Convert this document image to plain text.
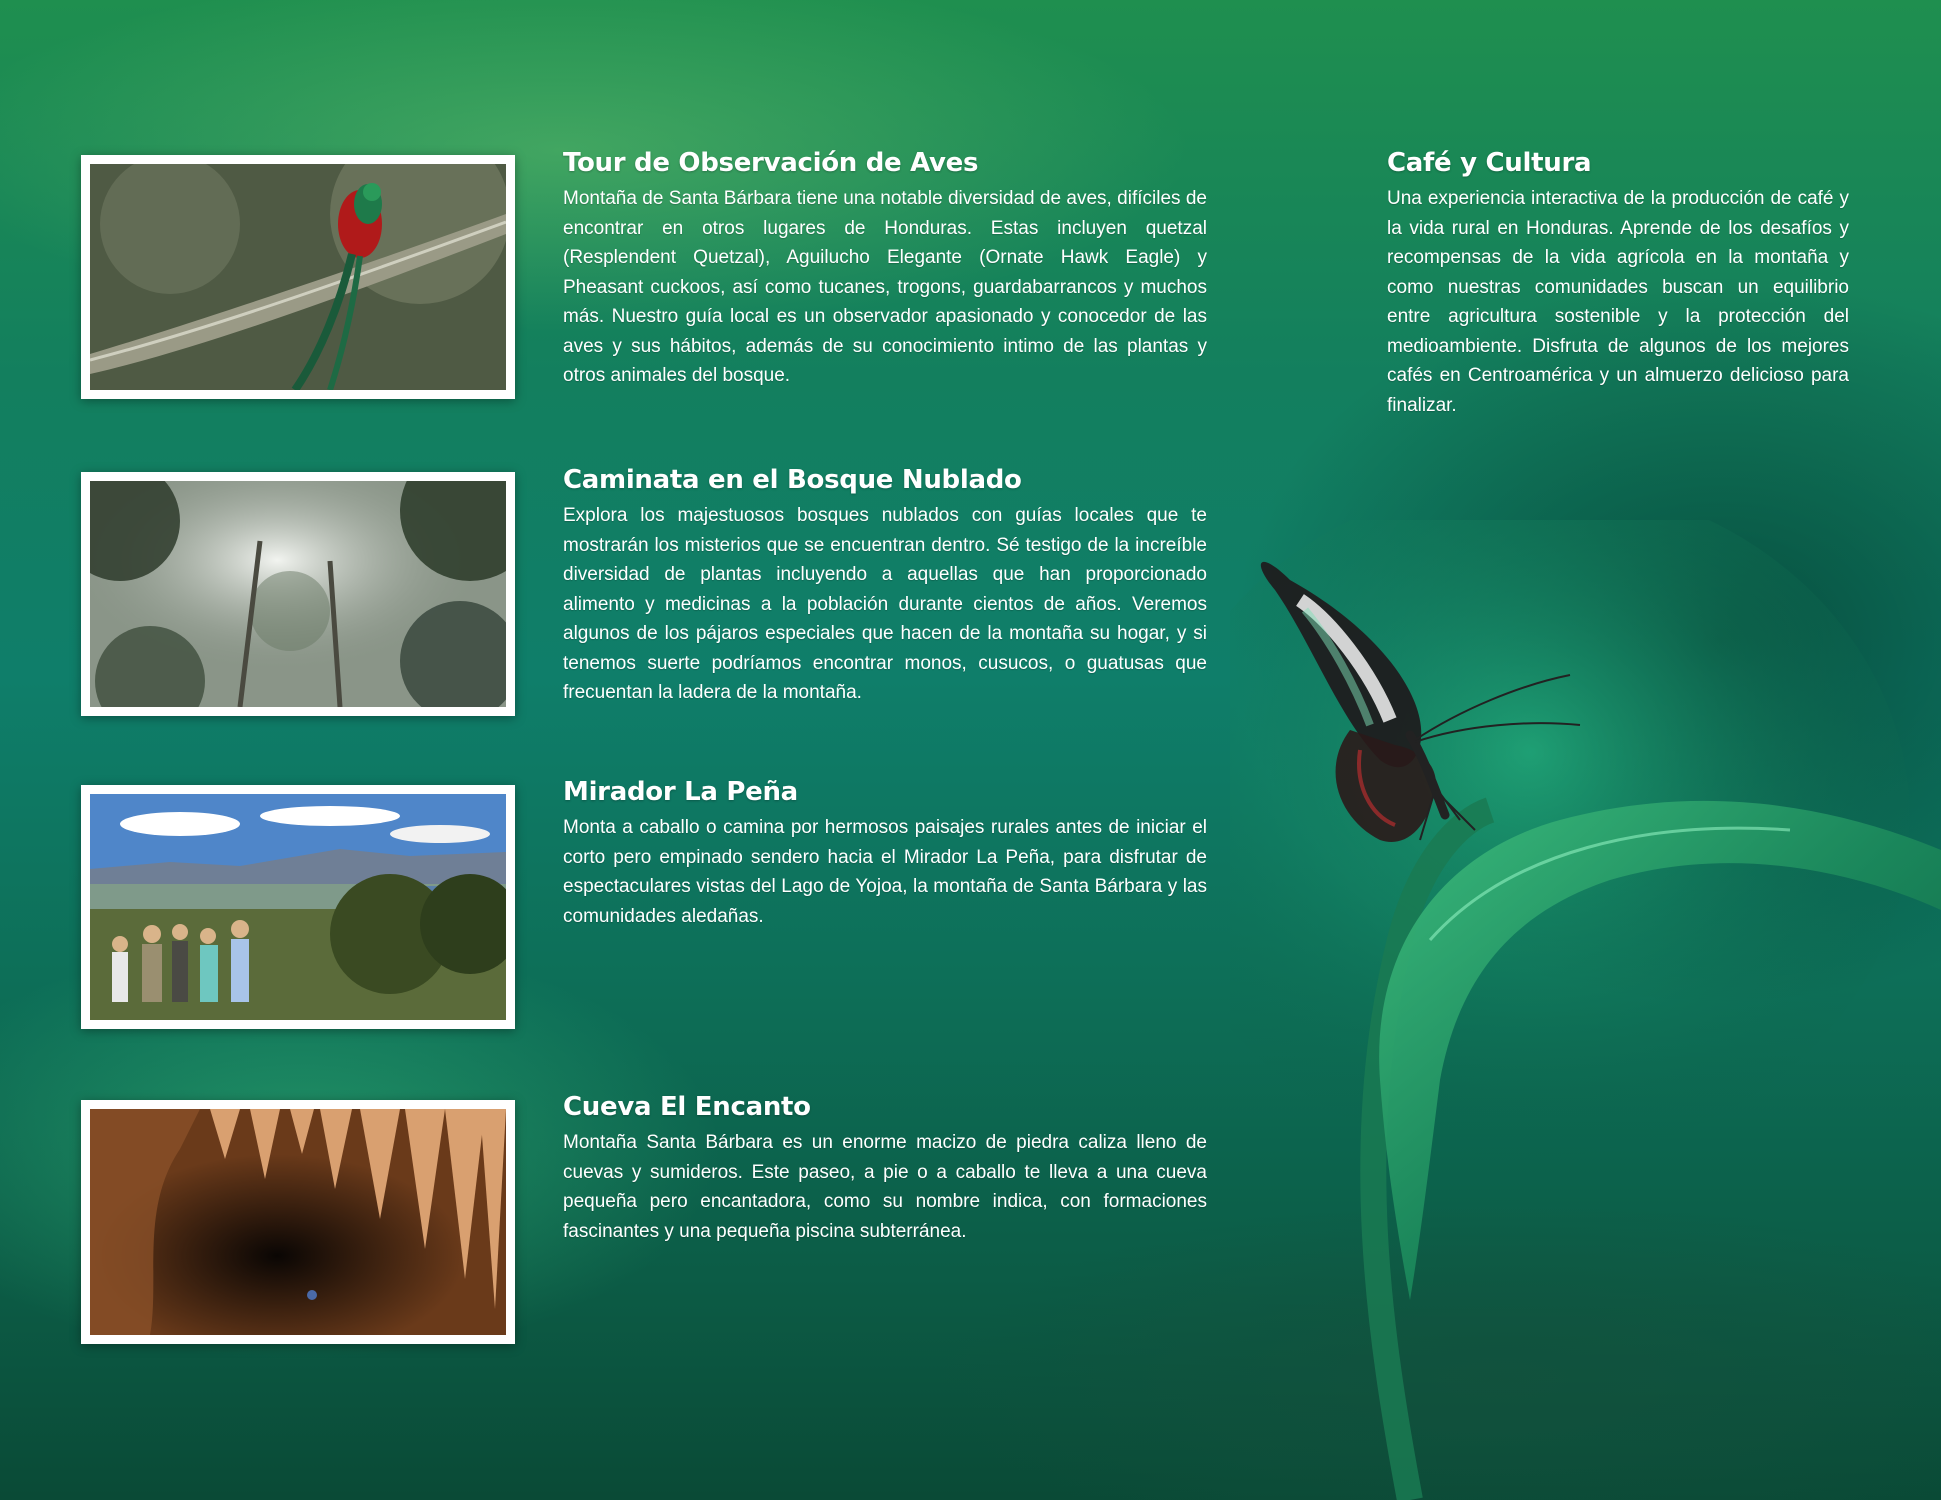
Tour de Observación de Aves

Montaña de Santa Bárbara tiene una notable diversidad de aves, difíciles de encontrar en otros lugares de Honduras. Estas incluyen quetzal (Resplendent Quetzal), Aguilucho Elegante (Ornate Hawk Eagle) y Pheasant cuckoos, así como tucanes, trogons, guardabarrancos y muchos más. Nuestro guía local es un observador apasionado y conocedor de las aves y sus hábitos, además de su conocimiento intimo de las plantas y otros animales del bosque.

Caminata en el Bosque Nublado

Explora los majestuosos bosques nublados con guías locales que te mostrarán los misterios que se encuentran dentro. Sé testigo de la increíble diversidad de plantas incluyendo a aquellas que han proporcionado alimento y medicinas a la población durante cientos de años. Veremos algunos de los pájaros especiales que hacen de la montaña su hogar, y si tenemos suerte podríamos encontrar monos, cusucos, o guatusas que frecuentan la ladera de la montaña.

Mirador La Peña

Monta a caballo o camina por hermosos paisajes rurales antes de iniciar el corto pero empinado sendero hacia el Mirador La Peña, para disfrutar de espectaculares vistas del Lago de Yojoa, la montaña de Santa Bárbara y las comunidades aledañas.

Cueva El Encanto

Montaña Santa Bárbara es un enorme macizo de piedra caliza lleno de cuevas y sumideros. Este paseo, a pie o a caballo te lleva a una cueva pequeña pero encantadora, como su nombre indica, con formaciones fascinantes y una pequeña piscina subterránea.

Café y Cultura

Una experiencia interactiva de la producción de café y la vida rural en Honduras. Aprende de los desafíos y recompensas de la vida agrícola en la montaña y como nuestras comunidades buscan un equilibrio entre agricultura sostenible y la protección del medioambiente. Disfruta de algunos de los mejores cafés en Centroamérica y un almuerzo delicioso para finalizar.
